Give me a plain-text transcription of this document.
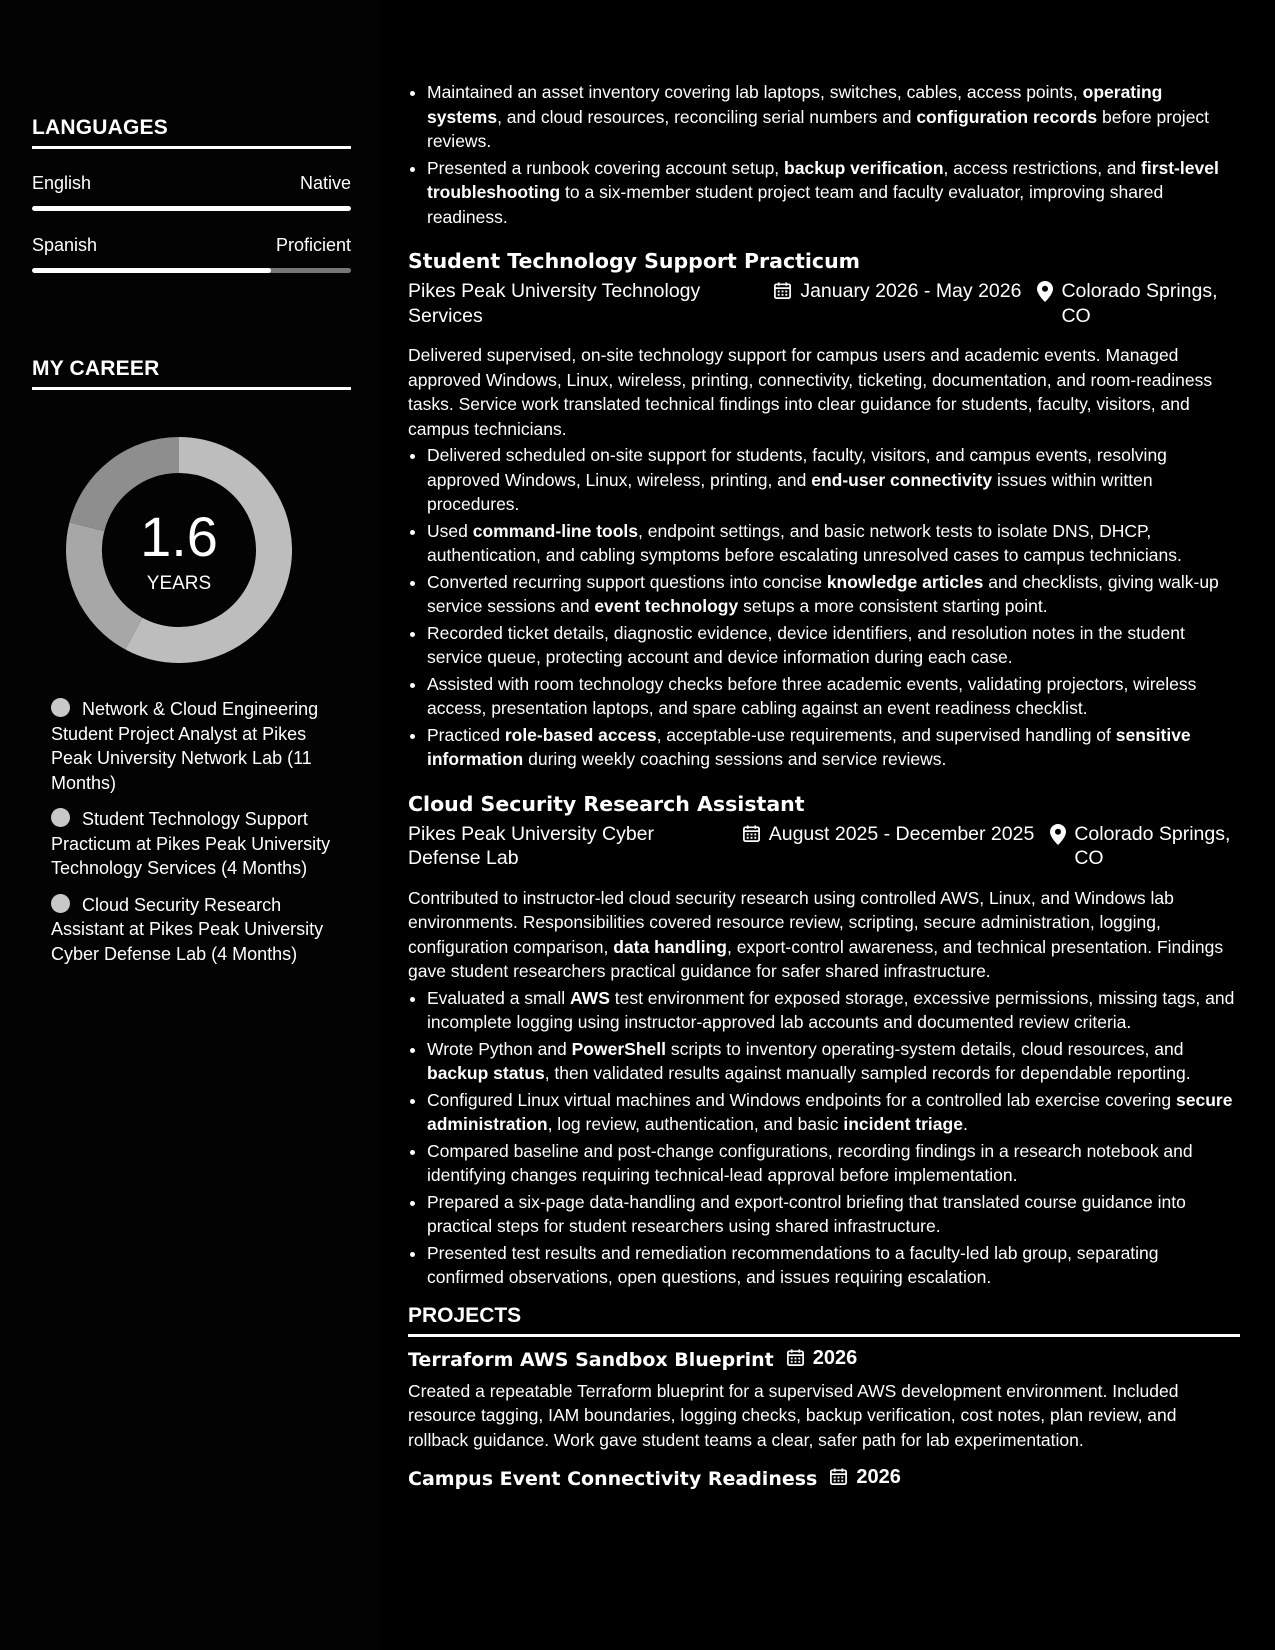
LANGUAGES
English	Native
Spanish	Proficient
MY CAREER
1.6
YEARS
Network & Cloud Engineering Student Project Analyst at Pikes Peak University Network Lab (11 Months)
Student Technology Support Practicum at Pikes Peak University Technology Services (4 Months)
Cloud Security Research Assistant at Pikes Peak University Cyber Defense Lab (4 Months)
• Maintained an asset inventory covering lab laptops, switches, cables, access points, operating systems, and cloud resources, reconciling serial numbers and configuration records before project reviews.
• Presented a runbook covering account setup, backup verification, access restrictions, and first-level troubleshooting to a six-member student project team and faculty evaluator, improving shared readiness.
Student Technology Support Practicum
Pikes Peak University Technology Services
January 2026 - May 2026 Colorado Springs, CO
Delivered supervised, on-site technology support for campus users and academic events. Managed approved Windows, Linux, wireless, printing, connectivity, ticketing, documentation, and room-readiness tasks. Service work translated technical findings into clear guidance for students, faculty, visitors, and campus technicians.
• Delivered scheduled on-site support for students, faculty, visitors, and campus events, resolving approved Windows, Linux, wireless, printing, and end-user connectivity issues within written procedures.
• Used command-line tools, endpoint settings, and basic network tests to isolate DNS, DHCP, authentication, and cabling symptoms before escalating unresolved cases to campus technicians.
• Converted recurring support questions into concise knowledge articles and checklists, giving walk-up service sessions and event technology setups a more consistent starting point.
• Recorded ticket details, diagnostic evidence, device identifiers, and resolution notes in the student service queue, protecting account and device information during each case.
• Assisted with room technology checks before three academic events, validating projectors, wireless access, presentation laptops, and spare cabling against an event readiness checklist.
• Practiced role-based access, acceptable-use requirements, and supervised handling of sensitive information during weekly coaching sessions and service reviews.
Cloud Security Research Assistant
Pikes Peak University Cyber Defense Lab
August 2025 - December 2025 Colorado Springs, CO
Contributed to instructor-led cloud security research using controlled AWS, Linux, and Windows lab environments. Responsibilities covered resource review, scripting, secure administration, logging, configuration comparison, data handling, export-control awareness, and technical presentation. Findings gave student researchers practical guidance for safer shared infrastructure.
• Evaluated a small AWS test environment for exposed storage, excessive permissions, missing tags, and incomplete logging using instructor-approved lab accounts and documented review criteria.
• Wrote Python and PowerShell scripts to inventory operating-system details, cloud resources, and backup status, then validated results against manually sampled records for dependable reporting.
• Configured Linux virtual machines and Windows endpoints for a controlled lab exercise covering secure administration, log review, authentication, and basic incident triage.
• Compared baseline and post-change configurations, recording findings in a research notebook and identifying changes requiring technical-lead approval before implementation.
• Prepared a six-page data-handling and export-control briefing that translated course guidance into practical steps for student researchers using shared infrastructure.
• Presented test results and remediation recommendations to a faculty-led lab group, separating confirmed observations, open questions, and issues requiring escalation.
PROJECTS
Terraform AWS Sandbox Blueprint	2026
Created a repeatable Terraform blueprint for a supervised AWS development environment. Included resource tagging, IAM boundaries, logging checks, backup verification, cost notes, plan review, and rollback guidance. Work gave student teams a clear, safer path for lab experimentation.
Campus Event Connectivity Readiness	2026
